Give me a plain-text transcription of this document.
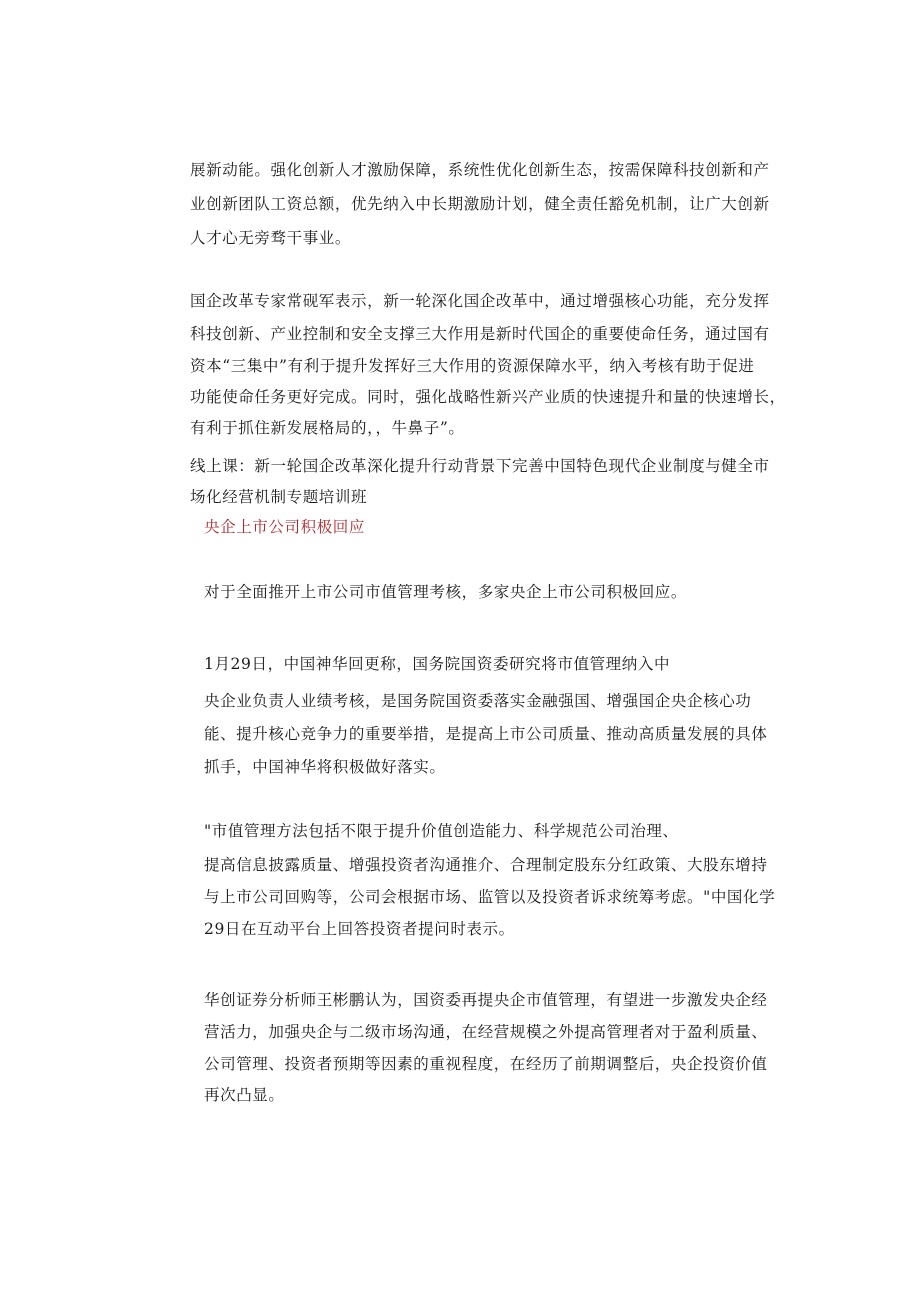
展新动能。强化创新人才激励保障，系统性优化创新生态，按需保障科技创新和产
业创新团队工资总额，优先纳入中长期激励计划，健全责任豁免机制，让广大创新
人才心无旁骛干事业。
国企改革专家常砚军表示，新一轮深化国企改革中，通过增强核心功能，充分发挥
科技创新、产业控制和安全支撑三大作用是新时代国企的重要使命任务，通过国有
资本“三集中”有利于提升发挥好三大作用的资源保障水平，纳入考核有助于促进
功能使命任务更好完成。同时，强化战略性新兴产业质的快速提升和量的快速增长，
有利于抓住新发展格局的，，牛鼻子”。
线上课：新一轮国企改革深化提升行动背景下完善中国特色现代企业制度与健全市
场化经营机制专题培训班
央企上市公司积极回应
对于全面推开上市公司市值管理考核，多家央企上市公司积极回应。
1月29日，中国神华回更称，国务院国资委研究将市值管理纳入中
央企业负责人业绩考核，是国务院国资委落实金融强国、增强国企央企核心功
能、提升核心竞争力的重要举措，是提高上市公司质量、推动高质量发展的具体
抓手，中国神华将积极做好落实。
"市值管理方法包括不限于提升价值创造能力、科学规范公司治理、
提高信息披露质量、增强投资者沟通推介、合理制定股东分红政策、大股东增持
与上市公司回购等，公司会根据市场、监管以及投资者诉求统筹考虑。"中国化学
29日在互动平台上回答投资者提问时表示。
华创证券分析师王彬鹏认为，国资委再提央企市值管理，有望进一步激发央企经
营活力，加强央企与二级市场沟通，在经营规模之外提高管理者对于盈利质量、
公司管理、投资者预期等因素的重视程度，在经历了前期调整后，央企投资价值
再次凸显。
